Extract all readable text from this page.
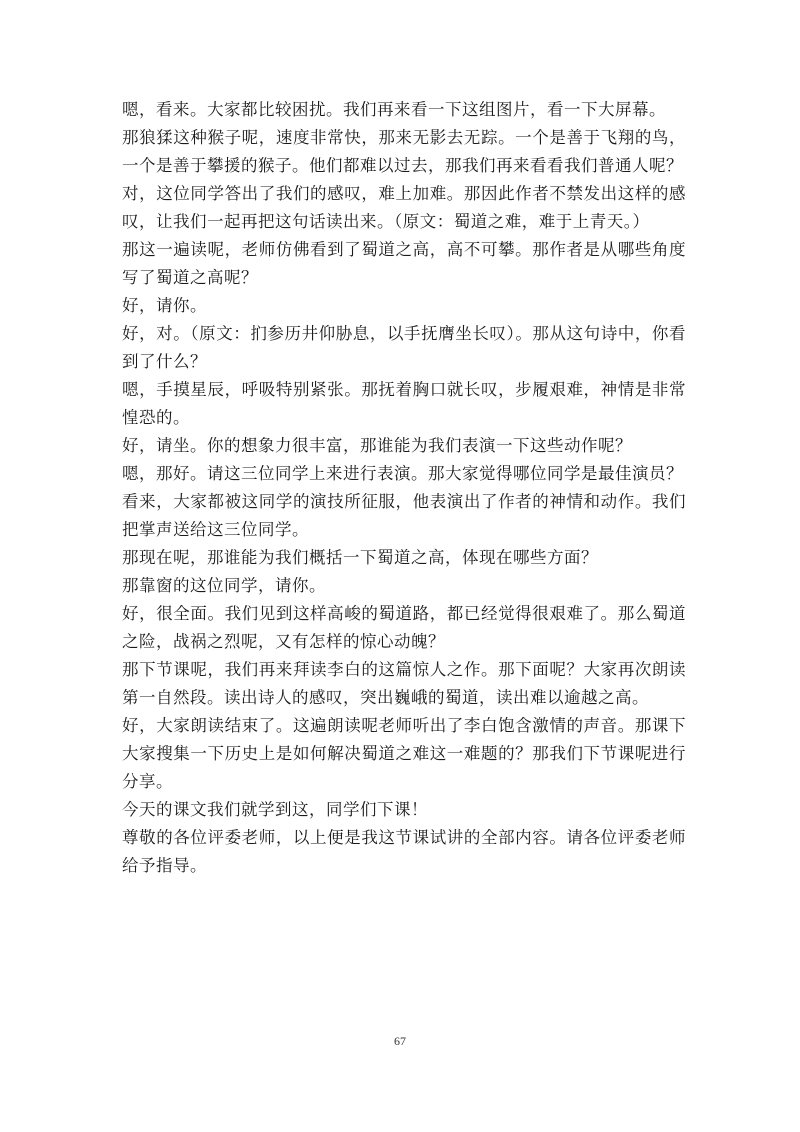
嗯，看来。大家都比较困扰。我们再来看一下这组图片，看一下大屏幕。

那狼猱这种猴子呢，速度非常快，那来无影去无踪。一个是善于飞翔的鸟，一个是善于攀援的猴子。他们都难以过去，那我们再来看看我们普通人呢？

对，这位同学答出了我们的感叹，难上加难。那因此作者不禁发出这样的感叹，让我们一起再把这句话读出来。（原文：蜀道之难，难于上青天。）

那这一遍读呢，老师仿佛看到了蜀道之高，高不可攀。那作者是从哪些角度写了蜀道之高呢？

好，请你。

好，对。（原文：扪参历井仰胁息，以手抚膺坐长叹）。那从这句诗中，你看到了什么？

嗯，手摸星辰，呼吸特别紧张。那抚着胸口就长叹，步履艰难，神情是非常惶恐的。

好，请坐。你的想象力很丰富，那谁能为我们表演一下这些动作呢？

嗯，那好。请这三位同学上来进行表演。那大家觉得哪位同学是最佳演员？

看来，大家都被这同学的演技所征服，他表演出了作者的神情和动作。我们把掌声送给这三位同学。

那现在呢，那谁能为我们概括一下蜀道之高，体现在哪些方面？

那靠窗的这位同学，请你。

好，很全面。我们见到这样高峻的蜀道路，都已经觉得很艰难了。那么蜀道之险，战祸之烈呢，又有怎样的惊心动魄？

那下节课呢，我们再来拜读李白的这篇惊人之作。那下面呢？大家再次朗读第一自然段。读出诗人的感叹，突出巍峨的蜀道，读出难以逾越之高。

好，大家朗读结束了。这遍朗读呢老师听出了李白饱含激情的声音。那课下大家搜集一下历史上是如何解决蜀道之难这一难题的？那我们下节课呢进行分享。

今天的课文我们就学到这，同学们下课！

尊敬的各位评委老师，以上便是我这节课试讲的全部内容。请各位评委老师给予指导。

67
